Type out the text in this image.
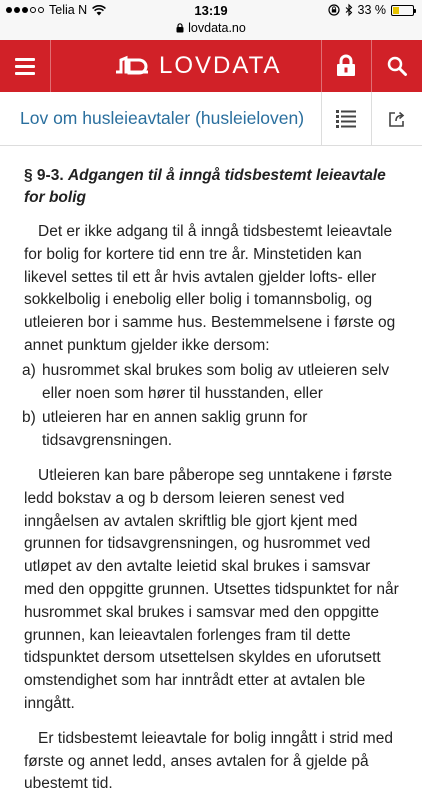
Telia N	13:19
lovdata.no
33 %
LOVDATA
Lov om husleieavtaler (husleieloven)
§ 9-3. Adgangen til å inngå tidsbestemt leieavtale for bolig

Det er ikke adgang til å inngå tidsbestemt leieavtale for bolig for kortere tid enn tre år. Minstetiden kan likevel settes til ett år hvis avtalen gjelder lofts- eller sokkelbolig i enebolig eller bolig i tomannsbolig, og utleieren bor i samme hus. Bestemmelsene i første og annet punktum gjelder ikke dersom:

a) husrommet skal brukes som bolig av utleieren selv eller noen som hører til husstanden, eller
b) utleieren har en annen saklig grunn for tidsavgrensningen.

Utleieren kan bare påberope seg unntakene i første ledd bokstav a og b dersom leieren senest ved inngåelsen av avtalen skriftlig ble gjort kjent med grunnen for tidsavgrensningen, og husrommet ved utløpet av den avtalte leietid skal brukes i samsvar med den oppgitte grunnen. Utsettes tidspunktet for når husrommet skal brukes i samsvar med den oppgitte grunnen, kan leieavtalen forlenges fram til dette tidspunktet dersom utsettelsen skyldes en uforutsett omstendighet som har inntrådt etter at avtalen ble inngått.

Er tidsbestemt leieavtale for bolig inngått i strid med første og annet ledd, anses avtalen for å gjelde på ubestemt tid.
